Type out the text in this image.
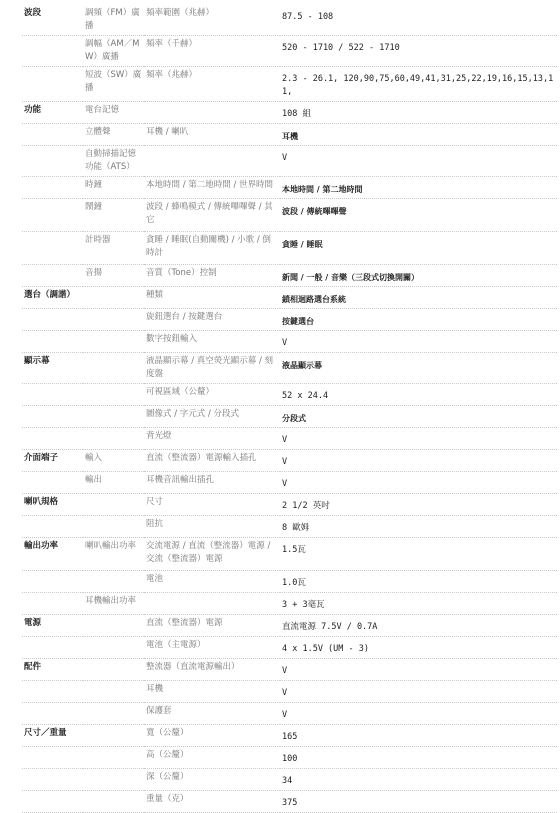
波段	調頻（FM）廣播	頻率範圍（兆赫）	87.5 - 108
	調幅（AM／MW）廣播	頻率（千赫）	520 - 1710 / 522 - 1710
	短波（SW）廣播	頻率（兆赫）	2.3 - 26.1, 120,90,75,60,49,41,31,25,22,19,16,15,13,11,
功能	電台記憶		108 組
	立體聲	耳機 / 喇叭	耳機
	自動掃描記憶功能（ATS）		V
	時鐘	本地時間 / 第二地時間 / 世界時間	本地時間 / 第二地時間
	鬧鐘	波段 / 蜂鳴模式 / 傳統嗶嗶聲 / 其它	波段 / 傳統嗶嗶聲
	計時器	貪睡 / 睡眠(自動關機) / 小歌 / 倒時計	貪睡 / 睡眠
	音揚	音質（Tone）控制	新聞 / 一般 / 音樂（三段式切換開關）
選台（調諧）		種類	鎖相迴路選台系統
		旋鈕選台 / 按鍵選台	按鍵選台
		數字按鈕輸入	V
顯示幕		液晶顯示幕 / 真空熒光顯示幕 / 刻度盤	液晶顯示幕
		可視區域（公釐）	52 x 24.4
		圖像式 / 字元式 / 分段式	分段式
		背光燈	V
介面端子	輸入	直流（整流器）電源輸入插孔	V
	輸出	耳機音訊輸出插孔	V
喇叭規格		尺寸	2 1/2 英吋
		阻抗	8 歐姆
輸出功率	喇叭輸出功率	交流電源 / 直流（整流器）電源 / 交流（整流器）電源	1.5瓦
		電池	1.0瓦
	耳機輸出功率		3 + 3毫瓦
電源		直流（整流器）電源	直流電源 7.5V / 0.7A
		電池（主電源）	4 x 1.5V (UM - 3)
配件		整流器（直流電源輸出）	V
		耳機	V
		保護套	V
尺寸／重量		寬（公釐）	165
		高（公釐）	100
		深（公釐）	34
		重量（克）	375
